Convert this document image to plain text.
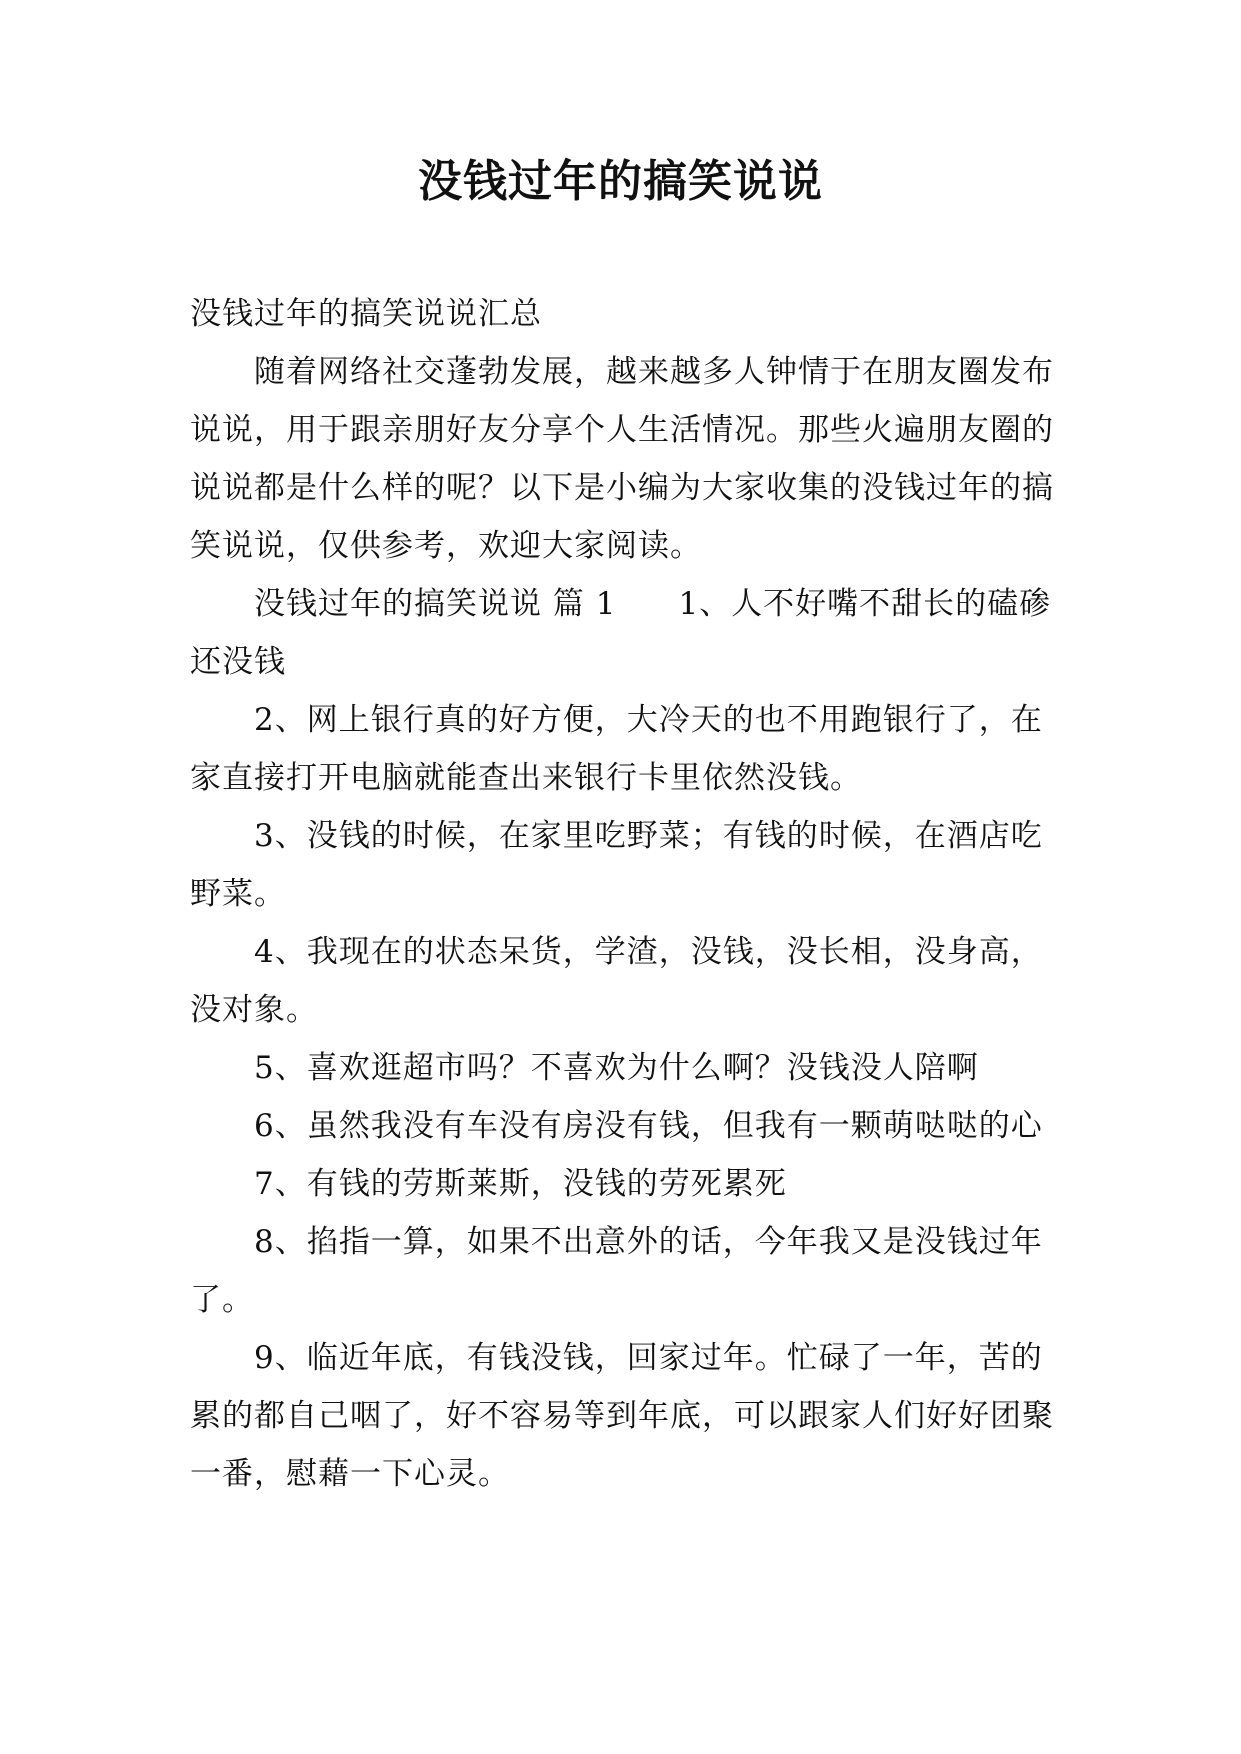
没钱过年的搞笑说说

没钱过年的搞笑说说汇总

随着网络社交蓬勃发展，越来越多人钟情于在朋友圈发布说说，用于跟亲朋好友分享个人生活情况。那些火遍朋友圈的说说都是什么样的呢？以下是小编为大家收集的没钱过年的搞笑说说，仅供参考，欢迎大家阅读。

没钱过年的搞笑说说 篇 1 1、人不好嘴不甜长的磕碜还没钱

2、网上银行真的好方便，大冷天的也不用跑银行了，在家直接打开电脑就能查出来银行卡里依然没钱。

3、没钱的时候，在家里吃野菜；有钱的时候，在酒店吃野菜。

4、我现在的状态呆货，学渣，没钱，没长相，没身高，没对象。

5、喜欢逛超市吗？不喜欢为什么啊？没钱没人陪啊

6、虽然我没有车没有房没有钱，但我有一颗萌哒哒的心

7、有钱的劳斯莱斯，没钱的劳死累死

8、掐指一算，如果不出意外的话，今年我又是没钱过年了。

9、临近年底，有钱没钱，回家过年。忙碌了一年，苦的累的都自己咽了，好不容易等到年底，可以跟家人们好好团聚一番，慰藉一下心灵。
